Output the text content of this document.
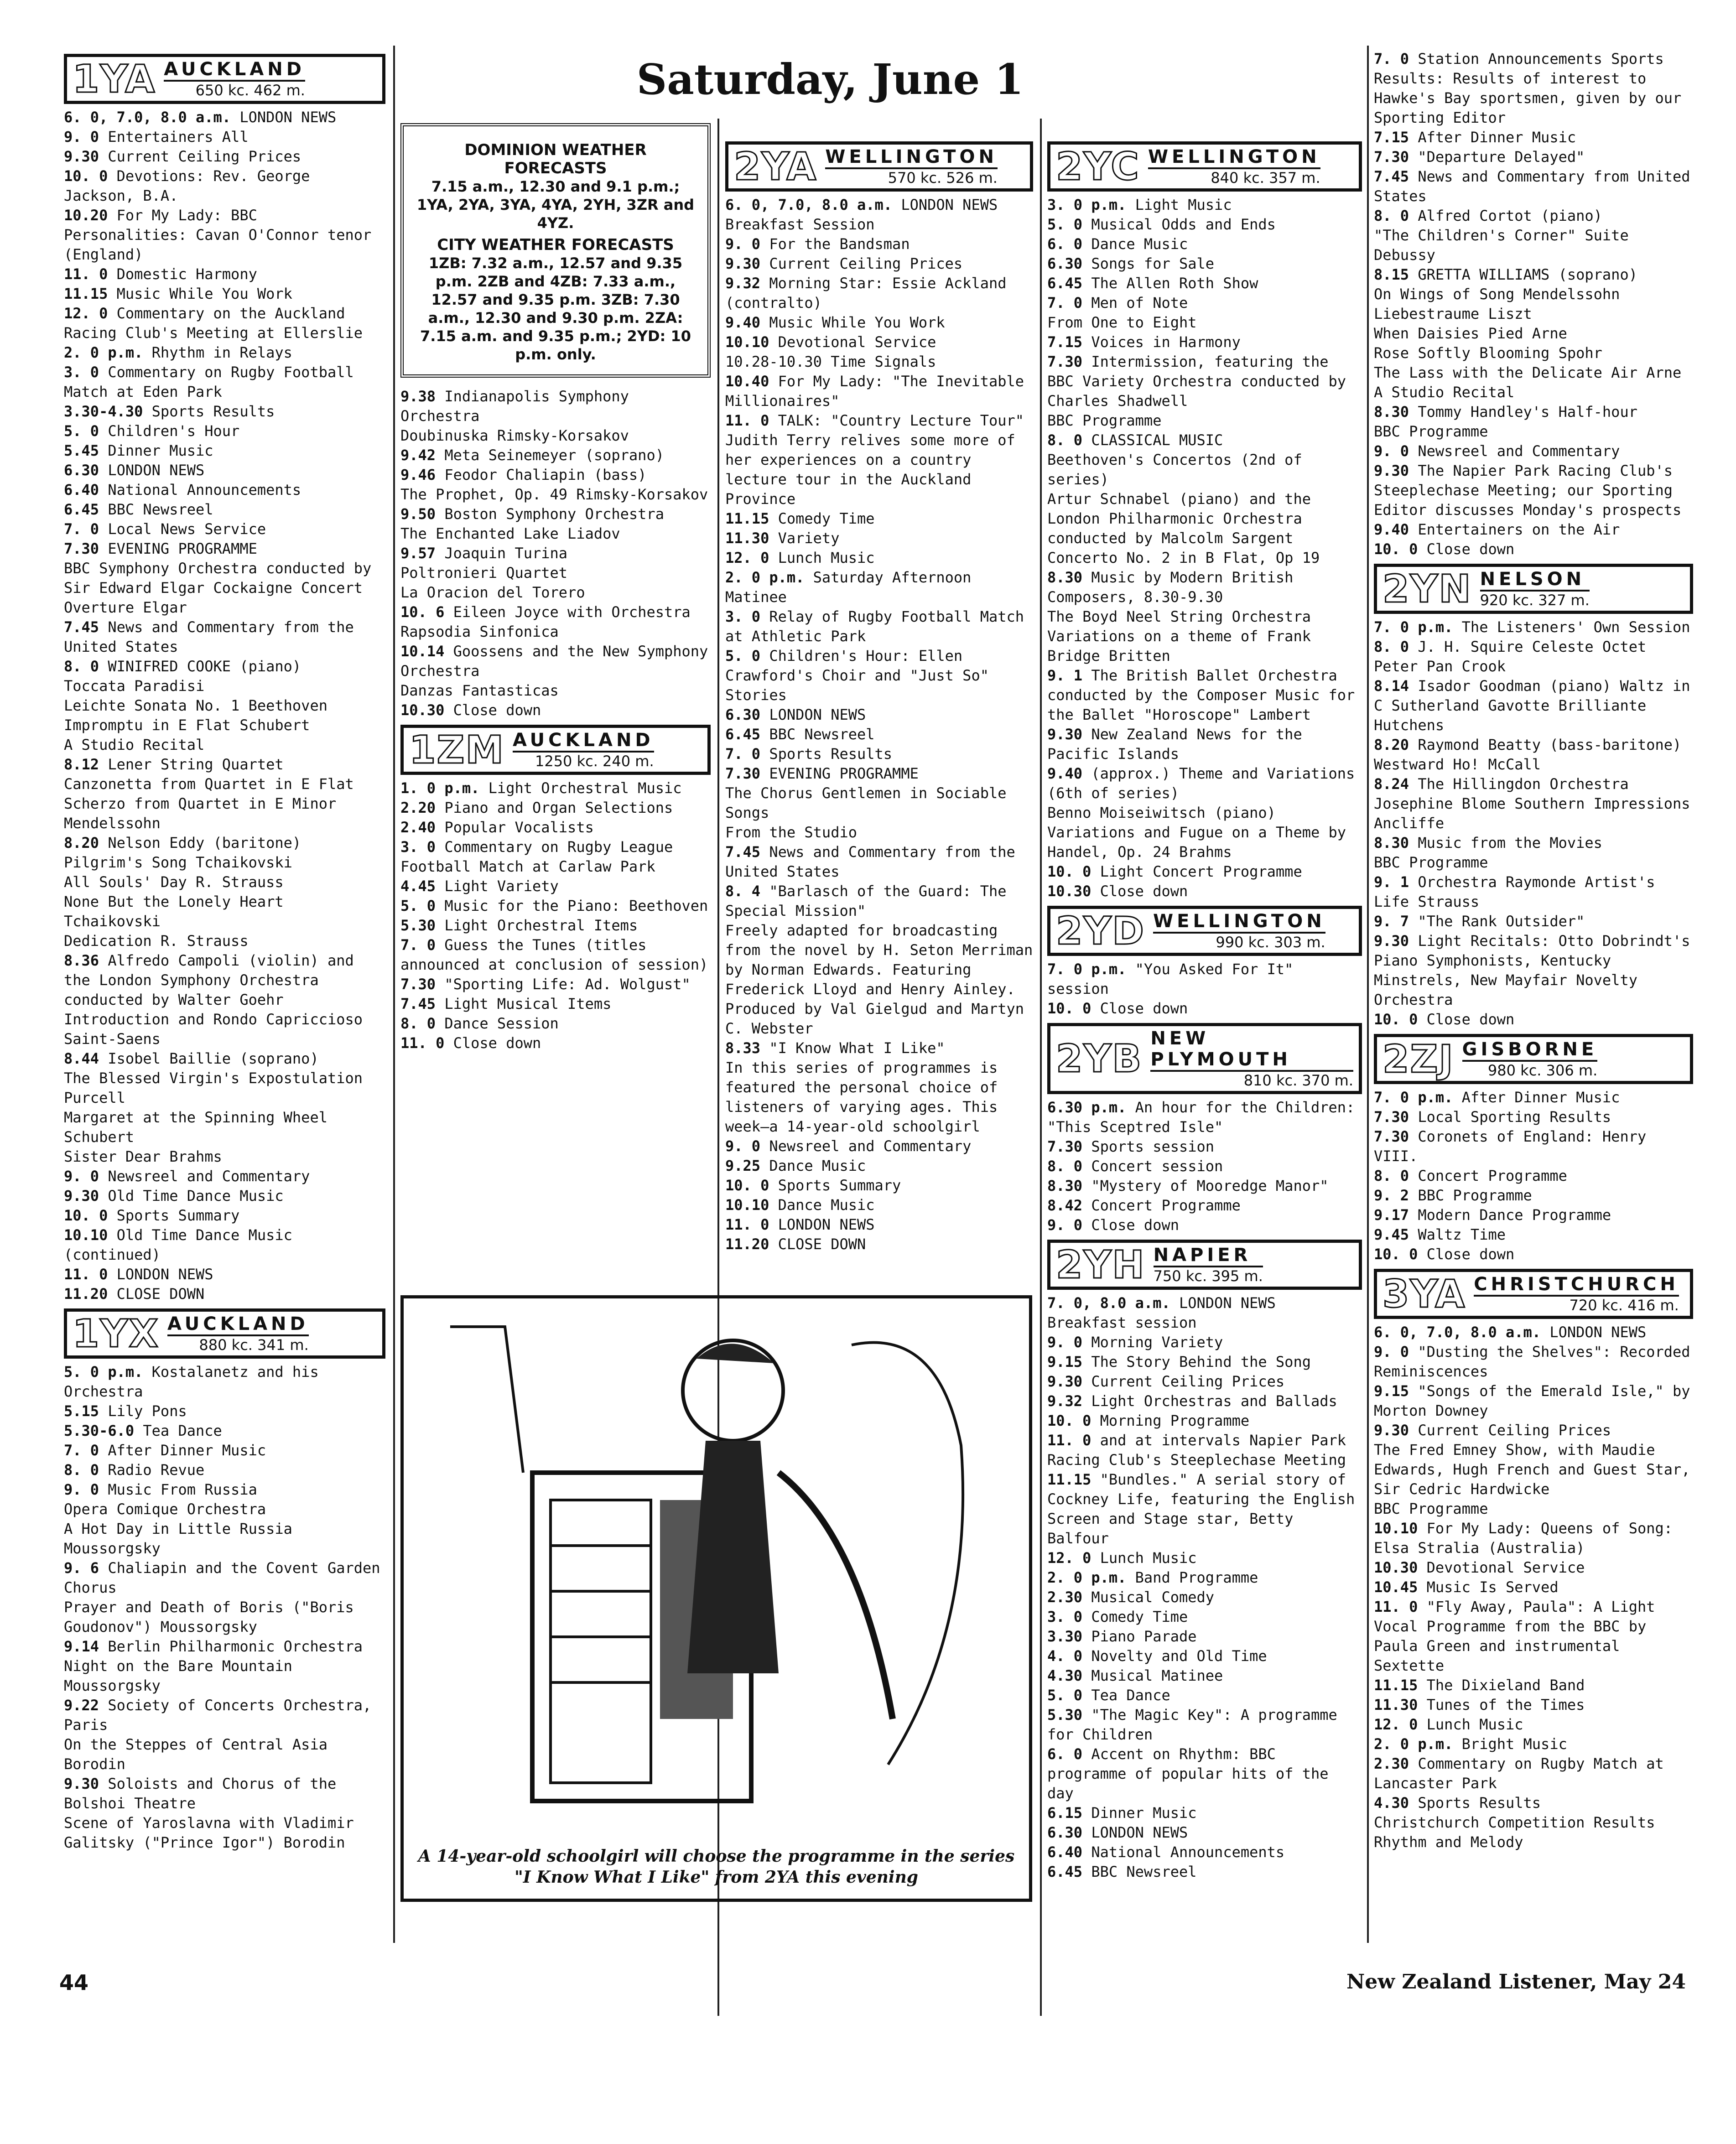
Saturday, June 1
1YA AUCKLAND
650 kc. 462 m.
6. 0, 7.0, 8.0 a.m. LONDON NEWS
9. 0 Entertainers All
9.30 Current Ceiling Prices
10. 0 Devotions: Rev. George Jackson, B.A.
10.20 For My Lady: BBC Personalities: Cavan O'Connor tenor (England)
11. 0 Domestic Harmony
11.15 Music While You Work
12. 0 Commentary on the Auckland Racing Club's Meeting at Ellerslie
2. 0 p.m. Rhythm in Relays
3. 0 Commentary on Rugby Football Match at Eden Park
3.30-4.30 Sports Results
5. 0 Children's Hour
5.45 Dinner Music
6.30 LONDON NEWS
6.40 National Announcements
6.45 BBC Newsreel
7. 0 Local News Service
7.30 EVENING PROGRAMME
BBC Symphony Orchestra conducted by Sir Edward Elgar Cockaigne Concert Overture Elgar
7.45 News and Commentary from the United States
8. 0 WINIFRED COOKE (piano)
Toccata Paradisi
Leichte Sonata No. 1 Beethoven
Impromptu in E Flat Schubert
A Studio Recital
8.12 Lener String Quartet
Canzonetta from Quartet in E Flat
Scherzo from Quartet in E Minor Mendelssohn
8.20 Nelson Eddy (baritone)
Pilgrim's Song Tchaikovski
All Souls' Day R. Strauss
None But the Lonely Heart Tchaikovski
Dedication R. Strauss
8.36 Alfredo Campoli (violin) and the London Symphony Orchestra conducted by Walter Goehr
Introduction and Rondo Capriccioso Saint-Saens
8.44 Isobel Baillie (soprano)
The Blessed Virgin's Expostulation Purcell
Margaret at the Spinning Wheel Schubert
Sister Dear Brahms
9. 0 Newsreel and Commentary
9.30 Old Time Dance Music
10. 0 Sports Summary
10.10 Old Time Dance Music (continued)
11. 0 LONDON NEWS
11.20 CLOSE DOWN
1YX AUCKLAND
880 kc. 341 m.
5. 0 p.m. Kostalanetz and his Orchestra
5.15 Lily Pons
5.30-6.0 Tea Dance
7. 0 After Dinner Music
8. 0 Radio Revue
9. 0 Music From Russia
Opera Comique Orchestra
A Hot Day in Little Russia Moussorgsky
9. 6 Chaliapin and the Covent Garden Chorus
Prayer and Death of Boris ("Boris Goudonov") Moussorgsky
9.14 Berlin Philharmonic Orchestra
Night on the Bare Mountain Moussorgsky
9.22 Society of Concerts Orchestra, Paris
On the Steppes of Central Asia Borodin
9.30 Soloists and Chorus of the Bolshoi Theatre
Scene of Yaroslavna with Vladimir Galitsky ("Prince Igor") Borodin
DOMINION WEATHER FORECASTS
7.15 a.m., 12.30 and 9.1 p.m.; 1YA, 2YA, 3YA, 4YA, 2YH, 3ZR and 4YZ.
CITY WEATHER FORECASTS
1ZB: 7.32 a.m., 12.57 and 9.35 p.m. 2ZB and 4ZB: 7.33 a.m., 12.57 and 9.35 p.m. 3ZB: 7.30 a.m., 12.30 and 9.30 p.m. 2ZA: 7.15 a.m. and 9.35 p.m.; 2YD: 10 p.m. only.
9.38 Indianapolis Symphony Orchestra
Doubinuska Rimsky-Korsakov
9.42 Meta Seinemeyer (soprano)
9.46 Feodor Chaliapin (bass)
The Prophet, Op. 49 Rimsky-Korsakov
9.50 Boston Symphony Orchestra
The Enchanted Lake Liadov
9.57 Joaquin Turina
Poltronieri Quartet
La Oracion del Torero
10. 6 Eileen Joyce with Orchestra
Rapsodia Sinfonica
10.14 Goossens and the New Symphony Orchestra
Danzas Fantasticas
10.30 Close down
1ZM AUCKLAND
1250 kc. 240 m.
1. 0 p.m. Light Orchestral Music
2.20 Piano and Organ Selections
2.40 Popular Vocalists
3. 0 Commentary on Rugby League Football Match at Carlaw Park
4.45 Light Variety
5. 0 Music for the Piano: Beethoven
5.30 Light Orchestral Items
7. 0 Guess the Tunes (titles announced at conclusion of session)
7.30 "Sporting Life: Ad. Wolgust"
7.45 Light Musical Items
8. 0 Dance Session
11. 0 Close down
A 14-year-old schoolgirl will choose the programme in the series "I Know What I Like" from 2YA this evening
2YA WELLINGTON
570 kc. 526 m.
6. 0, 7.0, 8.0 a.m. LONDON NEWS
Breakfast Session
9. 0 For the Bandsman
9.30 Current Ceiling Prices
9.32 Morning Star: Essie Ackland (contralto)
9.40 Music While You Work
10.10 Devotional Service
10.28-10.30 Time Signals
10.40 For My Lady: "The Inevitable Millionaires"
11. 0 TALK: "Country Lecture Tour"
Judith Terry relives some more of her experiences on a country lecture tour in the Auckland Province
11.15 Comedy Time
11.30 Variety
12. 0 Lunch Music
2. 0 p.m. Saturday Afternoon Matinee
3. 0 Relay of Rugby Football Match at Athletic Park
5. 0 Children's Hour: Ellen Crawford's Choir and "Just So" Stories
6.30 LONDON NEWS
6.45 BBC Newsreel
7. 0 Sports Results
7.30 EVENING PROGRAMME
The Chorus Gentlemen in Sociable Songs
From the Studio
7.45 News and Commentary from the United States
8. 4 "Barlasch of the Guard: The Special Mission"
Freely adapted for broadcasting from the novel by H. Seton Merriman by Norman Edwards. Featuring Frederick Lloyd and Henry Ainley. Produced by Val Gielgud and Martyn C. Webster
8.33 "I Know What I Like"
In this series of programmes is featured the personal choice of listeners of varying ages. This week—a 14-year-old schoolgirl
9. 0 Newsreel and Commentary
9.25 Dance Music
10. 0 Sports Summary
10.10 Dance Music
11. 0 LONDON NEWS
11.20 CLOSE DOWN
2YC WELLINGTON
840 kc. 357 m.
3. 0 p.m. Light Music
5. 0 Musical Odds and Ends
6. 0 Dance Music
6.30 Songs for Sale
6.45 The Allen Roth Show
7. 0 Men of Note
From One to Eight
7.15 Voices in Harmony
7.30 Intermission, featuring the BBC Variety Orchestra conducted by Charles Shadwell
BBC Programme
8. 0 CLASSICAL MUSIC
Beethoven's Concertos (2nd of series)
Artur Schnabel (piano) and the London Philharmonic Orchestra conducted by Malcolm Sargent
Concerto No. 2 in B Flat, Op 19
8.30 Music by Modern British Composers, 8.30-9.30
The Boyd Neel String Orchestra Variations on a theme of Frank Bridge Britten
9. 1 The British Ballet Orchestra conducted by the Composer Music for the Ballet "Horoscope" Lambert
9.30 New Zealand News for the Pacific Islands
9.40 (approx.) Theme and Variations (6th of series)
Benno Moiseiwitsch (piano)
Variations and Fugue on a Theme by Handel, Op. 24 Brahms
10. 0 Light Concert Programme
10.30 Close down
2YD WELLINGTON
990 kc. 303 m.
7. 0 p.m. "You Asked For It" session
10. 0 Close down
2YB NEW PLYMOUTH
810 kc. 370 m.
6.30 p.m. An hour for the Children: "This Sceptred Isle"
7.30 Sports session
8. 0 Concert session
8.30 "Mystery of Mooredge Manor"
8.42 Concert Programme
9. 0 Close down
2YH NAPIER
750 kc. 395 m.
7. 0, 8.0 a.m. LONDON NEWS
Breakfast session
9. 0 Morning Variety
9.15 The Story Behind the Song
9.30 Current Ceiling Prices
9.32 Light Orchestras and Ballads
10. 0 Morning Programme
11. 0 and at intervals Napier Park Racing Club's Steeplechase Meeting
11.15 "Bundles." A serial story of Cockney Life, featuring the English Screen and Stage star, Betty Balfour
12. 0 Lunch Music
2. 0 p.m. Band Programme
2.30 Musical Comedy
3. 0 Comedy Time
3.30 Piano Parade
4. 0 Novelty and Old Time
4.30 Musical Matinee
5. 0 Tea Dance
5.30 "The Magic Key": A programme for Children
6. 0 Accent on Rhythm: BBC programme of popular hits of the day
6.15 Dinner Music
6.30 LONDON NEWS
6.40 National Announcements
6.45 BBC Newsreel
7. 0 Station Announcements Sports Results: Results of interest to Hawke's Bay sportsmen, given by our Sporting Editor
7.15 After Dinner Music
7.30 "Departure Delayed"
7.45 News and Commentary from United States
8. 0 Alfred Cortot (piano)
"The Children's Corner" Suite Debussy
8.15 GRETTA WILLIAMS (soprano)
On Wings of Song Mendelssohn
Liebestraume Liszt
When Daisies Pied Arne
Rose Softly Blooming Spohr
The Lass with the Delicate Air Arne
A Studio Recital
8.30 Tommy Handley's Half-hour
BBC Programme
9. 0 Newsreel and Commentary
9.30 The Napier Park Racing Club's Steeplechase Meeting; our Sporting Editor discusses Monday's prospects
9.40 Entertainers on the Air
10. 0 Close down
2YN NELSON
920 kc. 327 m.
7. 0 p.m. The Listeners' Own Session
8. 0 J. H. Squire Celeste Octet Peter Pan Crook
8.14 Isador Goodman (piano) Waltz in C Sutherland Gavotte Brilliante Hutchens
8.20 Raymond Beatty (bass-baritone) Westward Ho! McCall
8.24 The Hillingdon Orchestra Josephine Blome Southern Impressions Ancliffe
8.30 Music from the Movies
BBC Programme
9. 1 Orchestra Raymonde Artist's Life Strauss
9. 7 "The Rank Outsider"
9.30 Light Recitals: Otto Dobrindt's Piano Symphonists, Kentucky Minstrels, New Mayfair Novelty Orchestra
10. 0 Close down
2ZJ GISBORNE
980 kc. 306 m.
7. 0 p.m. After Dinner Music
7.30 Local Sporting Results
7.30 Coronets of England: Henry VIII.
8. 0 Concert Programme
9. 2 BBC Programme
9.17 Modern Dance Programme
9.45 Waltz Time
10. 0 Close down
3YA CHRISTCHURCH
720 kc. 416 m.
6. 0, 7.0, 8.0 a.m. LONDON NEWS
9. 0 "Dusting the Shelves": Recorded Reminiscences
9.15 "Songs of the Emerald Isle," by Morton Downey
9.30 Current Ceiling Prices
The Fred Emney Show, with Maudie Edwards, Hugh French and Guest Star, Sir Cedric Hardwicke
BBC Programme
10.10 For My Lady: Queens of Song: Elsa Stralia (Australia)
10.30 Devotional Service
10.45 Music Is Served
11. 0 "Fly Away, Paula": A Light Vocal Programme from the BBC by Paula Green and instrumental Sextette
11.15 The Dixieland Band
11.30 Tunes of the Times
12. 0 Lunch Music
2. 0 p.m. Bright Music
2.30 Commentary on Rugby Match at Lancaster Park
4.30 Sports Results
Christchurch Competition Results
Rhythm and Melody
44	New Zealand Listener, May 24
